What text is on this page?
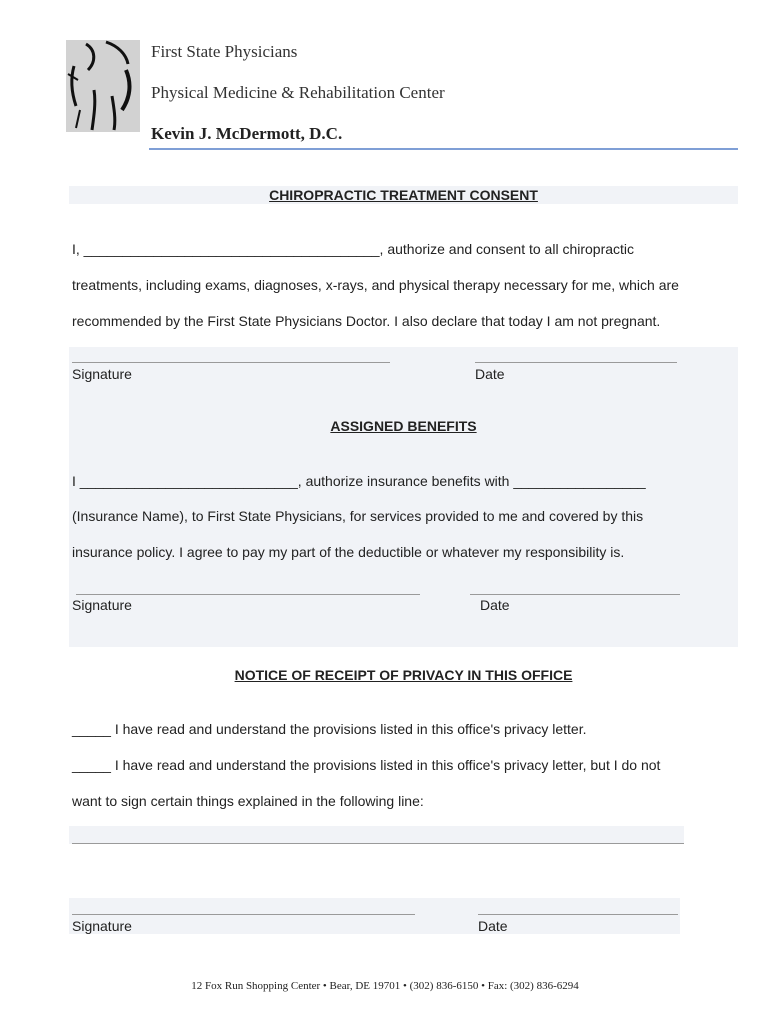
First State Physicians
Physical Medicine & Rehabilitation Center
Kevin J. McDermott, D.C.
CHIROPRACTIC TREATMENT CONSENT
I, ______________________________________, authorize and consent to all chiropractic
treatments, including exams, diagnoses, x-rays, and physical therapy necessary for me, which are
recommended by the First State Physicians Doctor. I also declare that today I am not pregnant.
Signature	Date
ASSIGNED BENEFITS
I ____________________________, authorize insurance benefits with _________________
(Insurance Name), to First State Physicians, for services provided to me and covered by this
insurance policy. I agree to pay my part of the deductible or whatever my responsibility is.
Signature	Date
NOTICE OF RECEIPT OF PRIVACY IN THIS OFFICE
_____ I have read and understand the provisions listed in this office's privacy letter.
_____ I have read and understand the provisions listed in this office's privacy letter, but I do not
want to sign certain things explained in the following line:
Signature	Date
12 Fox Run Shopping Center • Bear, DE 19701 • (302) 836-6150 • Fax: (302) 836-6294
